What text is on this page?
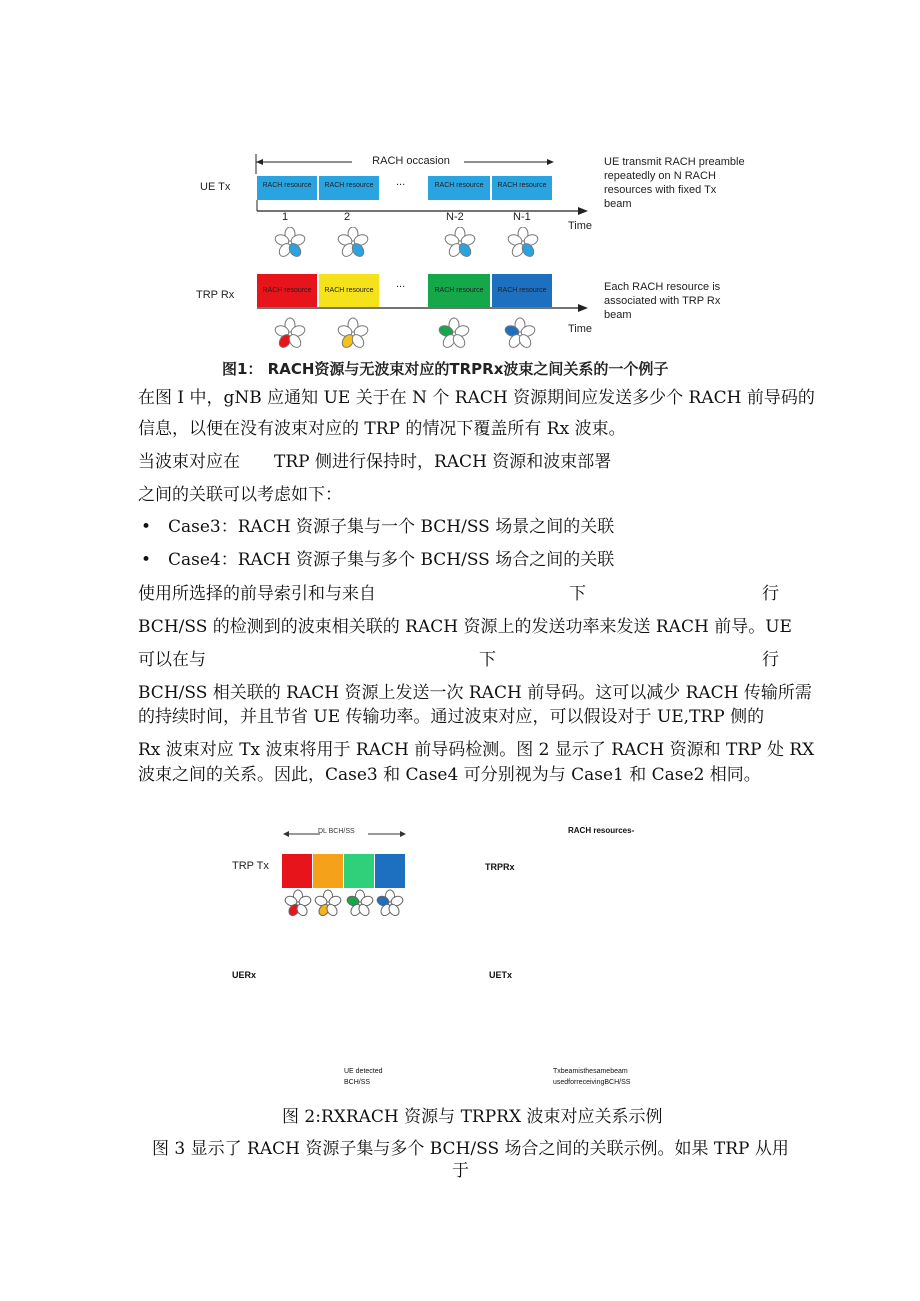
RACH occasion
UE Tx	RACH resource	RACH resource	...	RACH resource	RACH resource
Time
1	2	N-2	N-1
UE transmit RACH preamble
repeatedly on N RACH
resources with fixed Tx
beam
TRP Rx	RACH resource	RACH resource
...
RACH resource	RACH resource
Time
Each RACH resource is
associated with TRP Rx
beam
图1： RACH资源与无波束对应的TRPRx波束之间关系的一个例子
在图 I 中，gNB 应通知 UE 关于在 N 个 RACH 资源期间应发送多少个 RACH 前导码的
信息，以便在没有波束对应的 TRP 的情况下覆盖所有 Rx 波束。
当波束对应在　　TRP 侧进行保持时，RACH 资源和波束部署
之间的关联可以考虑如下：
• Case3：RACH 资源子集与一个 BCH/SS 场景之间的关联
• Case4：RACH 资源子集与多个 BCH/SS 场合之间的关联
使用所选择的前导索引和与来自	下	行
BCH/SS 的检测到的波束相关联的 RACH 资源上的发送功率来发送 RACH 前导。UE
可以在与	下	行
BCH/SS 相关联的 RACH 资源上发送一次 RACH 前导码。这可以减少 RACH 传输所需
的持续时间，并且节省 UE 传输功率。通过波束对应，可以假设对于 UE,TRP 侧的
Rx 波束对应 Tx 波束将用于 RACH 前导码检测。图 2 显示了 RACH 资源和 TRP 处 RX
波束之间的关系。因此，Case3 和 Case4 可分别视为与 Case1 和 Case2 相同。
DL BCH/SS
TRP Tx
RACH resources-
TRPRx
UERx	UETx
UE detected
BCH/SS
Txbeamisthesamebeam
usedforreceivingBCH/SS
图 2:RXRACH 资源与 TRPRX 波束对应关系示例
图 3 显示了 RACH 资源子集与多个 BCH/SS 场合之间的关联示例。如果 TRP 从用
于
